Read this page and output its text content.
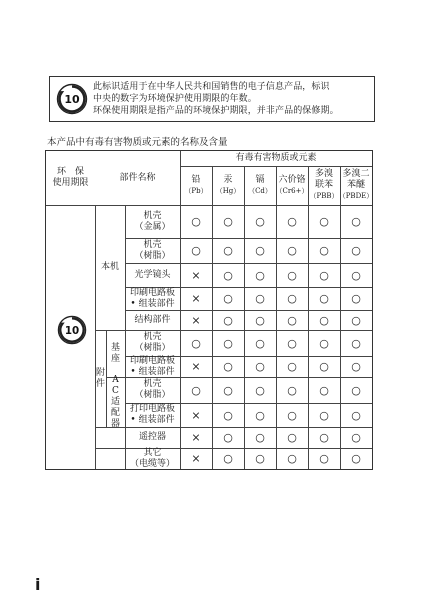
10
此标识适用于在中华人民共和国销售的电子信息产品，标识
中央的数字为环境保护使用期限的年数。
环保使用期限是指产品的环境保护期限，并非产品的保修期。
本产品中有毒有害物质或元素的名称及含量
环　保
使用期限
部件名称
有毒有害物质或元素
铅
（Pb）
汞
（Hg）
镉
（Cd）
六价铬
（Cr6+）
多溴
联苯
（PBB）
多溴二
苯醚
（PBDE）
本机
附
件
基
座
A
C
适
配
器
机壳
（金属） ○ ○ ○ ○ ○ ○
机壳
（树脂） ○ ○ ○ ○ ○ ○
光学镜头 × ○ ○ ○ ○ ○
印刷电路板
• 组装部件 × ○ ○ ○ ○ ○
结构部件 × ○ ○ ○ ○ ○
机壳
（树脂） ○ ○ ○ ○ ○ ○
印刷电路板
• 组装部件 × ○ ○ ○ ○ ○
机壳
（树脂） ○ ○ ○ ○ ○ ○
打印电路板
• 组装部件 × ○ ○ ○ ○ ○
遥控器 × ○ ○ ○ ○ ○
其它
（电缆等） × ○ ○ ○ ○ ○
i
10
